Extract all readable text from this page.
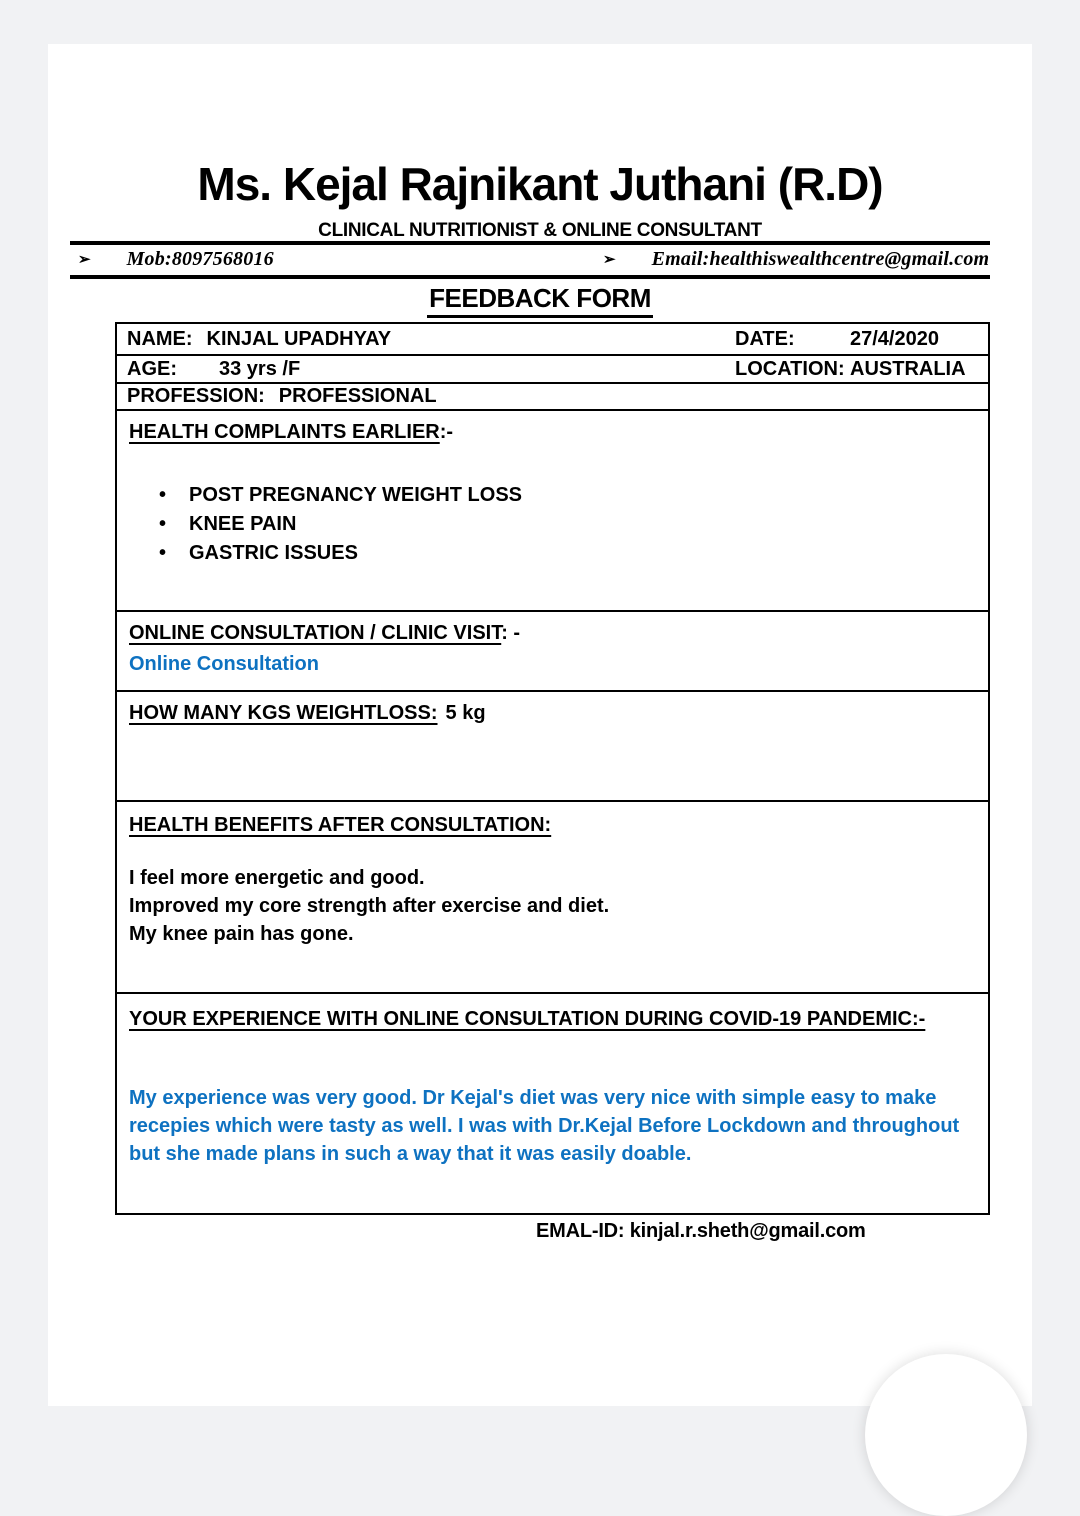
Ms. Kejal Rajnikant Juthani (R.D)
CLINICAL NUTRITIONIST & ONLINE CONSULTANT
➢ Mob:8097568016	➢ Email:healthiswealthcentre@gmail.com
FEEDBACK FORM
NAME: KINJAL UPADHYAY	DATE:	27/4/2020
AGE: 33 yrs /F	LOCATION: AUSTRALIA
PROFESSION: PROFESSIONAL
HEALTH COMPLAINTS EARLIER:-
•	POST PREGNANCY WEIGHT LOSS
•	KNEE PAIN
•	GASTRIC ISSUES
ONLINE CONSULTATION / CLINIC VISIT: -
Online Consultation
HOW MANY KGS WEIGHTLOSS: 5 kg
HEALTH BENEFITS AFTER CONSULTATION:
I feel more energetic and good.
Improved my core strength after exercise and diet.
My knee pain has gone.
YOUR EXPERIENCE WITH ONLINE CONSULTATION DURING COVID-19 PANDEMIC:-
My experience was very good. Dr Kejal's diet was very nice with simple easy to make recepies which were tasty as well. I was with Dr.Kejal Before Lockdown and throughout but she made plans in such a way that it was easily doable.
EMAL-ID: kinjal.r.sheth@gmail.com
